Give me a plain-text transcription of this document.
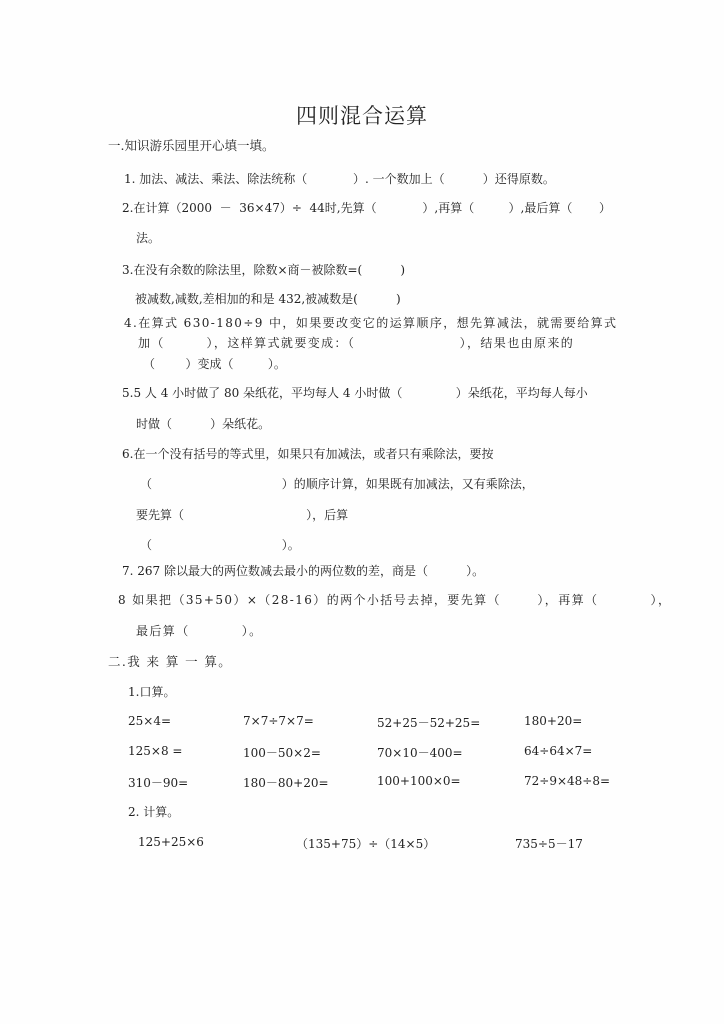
四则混合运算
一.知识游乐园里开心填一填。
1. 加法、减法、乘法、除法统称（            ）. 一个数加上（          ）还得原数。
2.在计算（2000  －  36×47）÷  44时,先算（            ）,再算（         ）,最后算（       ）
法。
3.在没有余数的除法里，除数×商－被除数=(          )
被减数,减数,差相加的和是 432,被减数是(          )
4.在算式 630-180÷9 中，如果要改变它的运算顺序，想先算减法，就需要给算式
加（        ），这样算式就要变成：（                    ），结果也由原来的
（        ）变成（         ）。
5.5 人 4 小时做了 80 朵纸花，平均每人 4 小时做（              ）朵纸花，平均每人每小
时做（          ）朵纸花。
6.在一个没有括号的等式里，如果只有加减法，或者只有乘除法，要按
（                                  ）的顺序计算，如果既有加减法，又有乘除法，
要先算（                                ），后算
（                                  ）。
7. 267 除以最大的两位数减去最小的两位数的差，商是（          ）。
8 如果把（35+50）×（28-16）的两个小括号去掉，要先算（       ），再算（          ），
最后算（          ）。
二.我 来 算 一 算。
1.口算。
25×4=	7×7÷7×7=	52+25－52+25=	180+20=
125×8 =	100－50×2=	70×10－400=	64÷64×7=
310－90=	180－80+20=	100+100×0=	72÷9×48÷8=
2. 计算。
125+25×6	（135+75）÷（14×5）	735÷5－17
